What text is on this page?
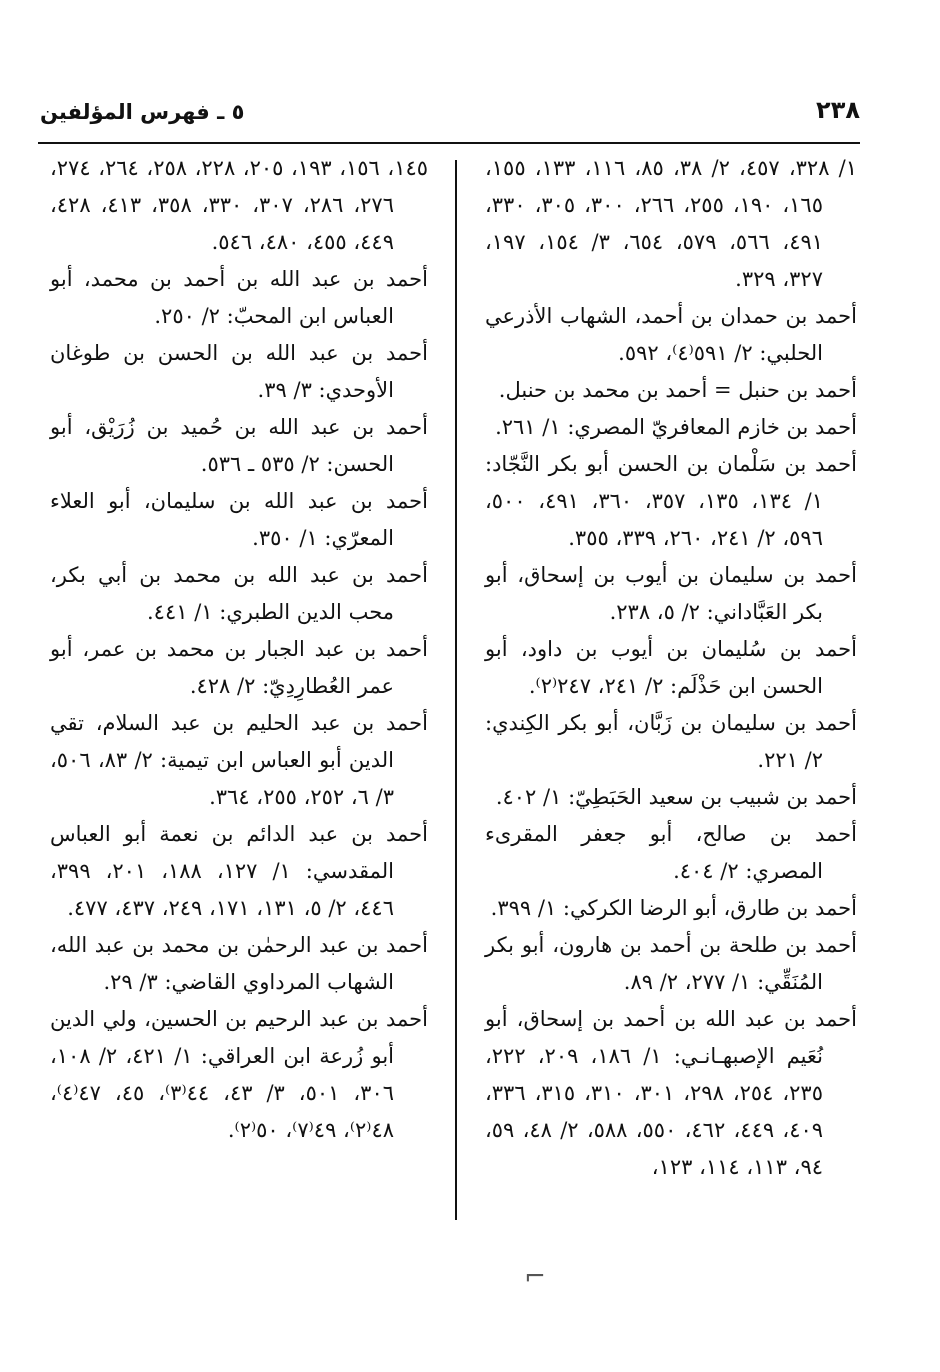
٢٣٨
٥ ـ فهرس المؤلفين

١/ ٣٢٨، ٤٥٧، ٢/ ٣٨، ٨٥، ١١٦، ١٣٣، ١٥٥، ١٦٥، ١٩٠، ٢٥٥، ٢٦٦، ٣٠٠، ٣٠٥، ٣٣٠، ٤٩١، ٥٦٦، ٥٧٩، ٦٥٤، ٣/ ١٥٤، ١٩٧، ٣٢٧، ٣٢٩.

أحمد بن حمدان بن أحمد، الشهاب الأذرعي الحلبي: ٢/ ٥٩١⁽٤⁾، ٥٩٢.

أحمد بن حنبل = أحمد بن محمد بن حنبل.

أحمد بن خازم المعافريّ المصري: ١/ ٢٦١.

أحمد بن سَلْمان بن الحسن أبو بكر النَّجّاد: ١/ ١٣٤، ١٣٥، ٣٥٧، ٣٦٠، ٤٩١، ٥٠٠، ٥٩٦، ٢/ ٢٤١، ٢٦٠، ٣٣٩، ٣٥٥.

أحمد بن سليمان بن أيوب بن إسحاق، أبو بكر العَبَّاداني: ٢/ ٥، ٢٣٨.

أحمد بن سُليمان بن أيوب بن داود، أبو الحسن ابن حَذْلَم: ٢/ ٢٤١، ٢٤٧⁽٢⁾.

أحمد بن سليمان بن زَبَّان، أبو بكر الكِندي: ٢/ ٢٢١.

أحمد بن شبيب بن سعيد الحَبَطِيّ: ١/ ٤٠٢.

أحمد بن صالح، أبو جعفر المقرىء المصري: ٢/ ٤٠٤.

أحمد بن طارق، أبو الرضا الكركي: ١/ ٣٩٩.

أحمد بن طلحة بن أحمد بن هارون، أبو بكر المُنَقِّي: ١/ ٢٧٧، ٢/ ٨٩.

أحمد بن عبد الله بن أحمد بن إسحاق، أبو نُعَيم الإصبهـانـي: ١/ ١٨٦، ٢٠٩، ٢٢٢، ٢٣٥، ٢٥٤، ٢٩٨، ٣٠١، ٣١٠، ٣١٥، ٣٣٦، ٤٠٩، ٤٤٩، ٤٦٢، ٥٥٠، ٥٨٨، ٢/ ٤٨، ٥٩، ٩٤، ١١٣، ١١٤، ١٢٣،

١٤٥، ١٥٦، ١٩٣، ٢٠٥، ٢٢٨، ٢٥٨، ٢٦٤، ٢٧٤، ٢٧٦، ٢٨٦، ٣٠٧، ٣٣٠، ٣٥٨، ٤١٣، ٤٢٨، ٤٤٩، ٤٥٥، ٤٨٠، ٥٤٦.

أحمد بن عبد الله بن أحمد بن محمد، أبو العباس ابن المحبّ: ٢/ ٢٥٠.

أحمد بن عبد الله بن الحسن بن طوغان الأوحدي: ٣/ ٣٩.

أحمد بن عبد الله بن حُميد بن زُرَيْق، أبو الحسن: ٢/ ٥٣٥ ـ ٥٣٦.

أحمد بن عبد الله بن سليمان، أبو العلاء المعرّي: ١/ ٣٥٠.

أحمد بن عبد الله بن محمد بن أبي بكر، محب الدين الطبري: ١/ ٤٤١.

أحمد بن عبد الجبار بن محمد بن عمر، أبو عمر العُطارِدِيّ: ٢/ ٤٢٨.

أحمد بن عبد الحليم بن عبد السلام، تقي الدين أبو العباس ابن تيمية: ٢/ ٨٣، ٥٠٦، ٣/ ٦، ٢٥٢، ٢٥٥، ٣٦٤.

أحمد بن عبد الدائم بن نعمة أبو العباس المقدسي: ١/ ١٢٧، ١٨٨، ٢٠١، ٣٩٩، ٤٤٦، ٢/ ٥، ١٣١، ١٧١، ٢٤٩، ٤٣٧، ٤٧٧.

أحمد بن عبد الرحمٰن بن محمد بن عبد الله، الشهاب المرداوي القاضي: ٣/ ٢٩.

أحمد بن عبد الرحيم بن الحسين، ولي الدين أبو زُرعة ابن العراقي: ١/ ٤٢١، ٢/ ١٠٨، ٣٠٦، ٥٠١، ٣/ ٤٣، ٤٤⁽٣⁾، ٤٥، ٤٧⁽٤⁾، ٤٨⁽٢⁾، ٤٩⁽٧⁾، ٥٠⁽٢⁾.

⌐
